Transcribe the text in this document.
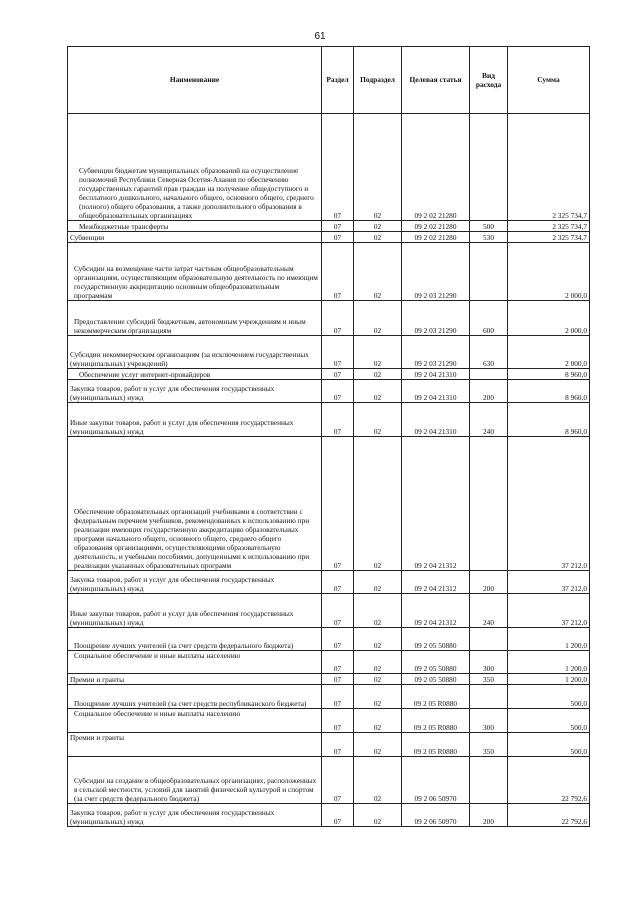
61
Наименование	Раздел	Подраздел	Целевая статья	Вид расхода	Сумма
Субвенции бюджетам муниципальных образований на осуществление полномочий Республики Северная Осетия-Алания по обеспечению государственных гарантий прав граждан на получение общедоступного и бесплатного дошкольного, начального общего, основного общего, среднего (полного) общего образования, а также дополнительного образования в общеобразовательных организациях	07	02	09 2 02 21280		2 325 734,7
Межбюджетные трансферты	07	02	09 2 02 21280	500	2 325 734,7
Субвенции	07	02	09 2 02 21280	530	2 325 734,7
Субсидии на возмещение части затрат частным общеобразовательным организациям, осуществляющим образовательную деятельность по имеющим государственную аккредитацию основным общеобразовательным программам	07	02	09 2 03 21290		2 000,0
Предоставление субсидий бюджетным, автономным учреждениям и иным некоммерческим организациям	07	02	09 2 03 21290	600	2 000,0
Субсидии некоммерческим организациям (за исключением государственных (муниципальных) учреждений)	07	02	09 2 03 21290	630	2 000,0
Обеспечение услуг интернет-провайдеров	07	02	09 2 04 21310		8 960,0
Закупка товаров, работ и услуг для обеспечения государственных (муниципальных) нужд	07	02	09 2 04 21310	200	8 960,0
Иные закупки товаров, работ и услуг для обеспечения государственных (муниципальных) нужд	07	02	09 2 04 21310	240	8 960,0
Обеспечение образовательных организаций учебниками в соответствии с федеральным перечнем учебников, рекомендованных к использованию при реализации имеющих государственную аккредитацию образовательных программ начального общего, основного общего, среднего общего образования организациями, осуществляющими образовательную деятельность, и учебными пособиями, допущенными к использованию при реализации указанных образовательных программ	07	02	09 2 04 21312		37 212,0
Закупка товаров, работ и услуг для обеспечения государственных (муниципальных) нужд	07	02	09 2 04 21312	200	37 212,0
Иные закупки товаров, работ и услуг для обеспечения государственных (муниципальных) нужд	07	02	09 2 04 21312	240	37 212,0
Поощрение лучших учителей (за счет средств федерального бюджета)	07	02	09 2 05 50880		1 200,0
Социальное обеспечение и иные выплаты населению	07	02	09 2 05 50880	300	1 200,0
Премии и гранты	07	02	09 2 05 50880	350	1 200,0
Поощрение лучших учителей (за счет средств республиканского бюджета)	07	02	09 2 05 R0880		500,0
Социальное обеспечение и иные выплаты населению	07	02	09 2 05 R0880	300	500,0
Премии и гранты	07	02	09 2 05 R0880	350	500,0
Субсидии на создание в общеобразовательных организациях, расположенных в сельской местности, условий для занятий физической культурой и спортом (за счет средств федерального бюджета)	07	02	09 2 06 50970		22 792,6
Закупка товаров, работ и услуг для обеспечения государственных (муниципальных) нужд	07	02	09 2 06 50970	200	22 792,6
